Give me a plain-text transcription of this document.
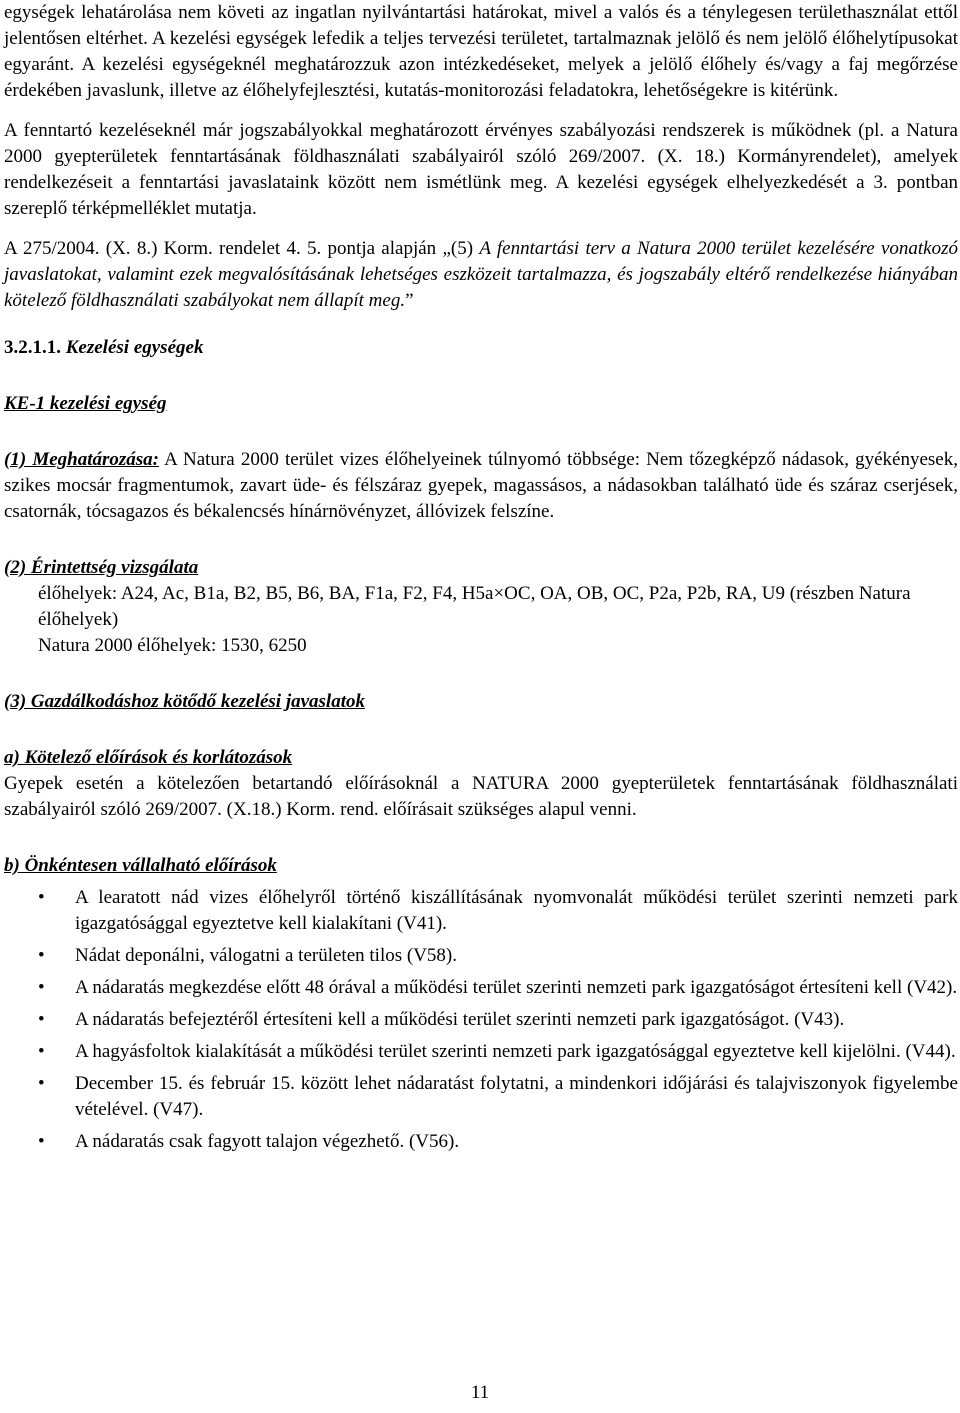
egységek lehatárolása nem követi az ingatlan nyilvántartási határokat, mivel a valós és a ténylegesen területhasználat ettől jelentősen eltérhet. A kezelési egységek lefedik a teljes tervezési területet, tartalmaznak jelölő és nem jelölő élőhelytípusokat egyaránt. A kezelési egységeknél meghatározzuk azon intézkedéseket, melyek a jelölő élőhely és/vagy a faj megőrzése érdekében javaslunk, illetve az élőhelyfejlesztési, kutatás-monitorozási feladatokra, lehetőségekre is kitérünk.

A fenntartó kezeléseknél már jogszabályokkal meghatározott érvényes szabályozási rendszerek is működnek (pl. a Natura 2000 gyepterületek fenntartásának földhasználati szabályairól szóló 269/2007. (X. 18.) Kormányrendelet), amelyek rendelkezéseit a fenntartási javaslataink között nem ismétlünk meg. A kezelési egységek elhelyezkedését a 3. pontban szereplő térképmelléklet mutatja.

A 275/2004. (X. 8.) Korm. rendelet 4. 5. pontja alapján „(5) A fenntartási terv a Natura 2000 terület kezelésére vonatkozó javaslatokat, valamint ezek megvalósításának lehetséges eszközeit tartalmazza, és jogszabály eltérő rendelkezése hiányában kötelező földhasználati szabályokat nem állapít meg.”

3.2.1.1. Kezelési egységek

KE-1 kezelési egység

(1) Meghatározása: A Natura 2000 terület vizes élőhelyeinek túlnyomó többsége: Nem tőzegképző nádasok, gyékényesek, szikes mocsár fragmentumok, zavart üde- és félszáraz gyepek, magassásos, a nádasokban található üde és száraz cserjések, csatornák, tócsagazos és békalencsés hínárnövényzet, állóvizek felszíne.

(2) Érintettség vizsgálata

élőhelyek: A24, Ac, B1a, B2, B5, B6, BA, F1a, F2, F4, H5a×OC, OA, OB, OC, P2a, P2b, RA, U9 (részben Natura élőhelyek)

Natura 2000 élőhelyek: 1530, 6250

(3) Gazdálkodáshoz kötődő kezelési javaslatok

a) Kötelező előírások és korlátozások

Gyepek esetén a kötelezően betartandó előírásoknál a NATURA 2000 gyepterületek fenntartásának földhasználati szabályairól szóló 269/2007. (X.18.) Korm. rend. előírásait szükséges alapul venni.

b) Önkéntesen vállalható előírások

• A learatott nád vizes élőhelyről történő kiszállításának nyomvonalát működési terület szerinti nemzeti park igazgatósággal egyeztetve kell kialakítani (V41).
• Nádat deponálni, válogatni a területen tilos (V58).
• A nádaratás megkezdése előtt 48 órával a működési terület szerinti nemzeti park igazgatóságot értesíteni kell (V42).
• A nádaratás befejeztéről értesíteni kell a működési terület szerinti nemzeti park igazgatóságot. (V43).
• A hagyásfoltok kialakítását a működési terület szerinti nemzeti park igazgatósággal egyeztetve kell kijelölni. (V44).
• December 15. és február 15. között lehet nádaratást folytatni, a mindenkori időjárási és talajviszonyok figyelembe vételével. (V47).
• A nádaratás csak fagyott talajon végezhető. (V56).
11
